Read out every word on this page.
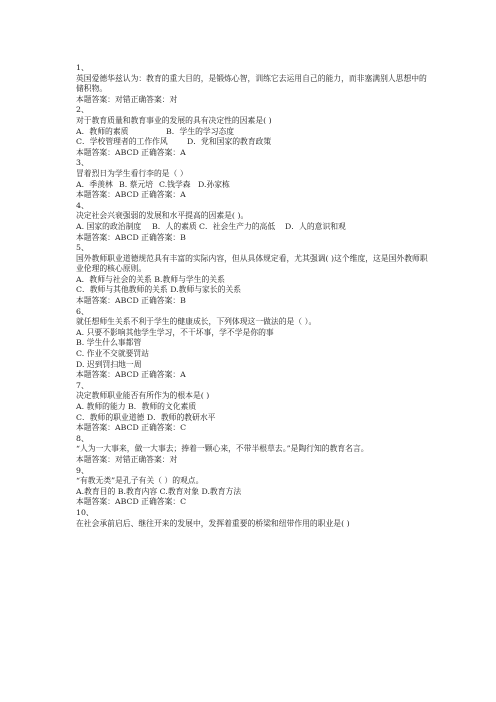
1、
英国爱德华兹认为：教育的重大目的，是锻炼心智，训练它去运用自己的能力，而非塞满别人思想中的储积物。
本题答案：对错正确答案：对
2、
对于教育质量和教育事业的发展的具有决定性的因素是( )
A．教师的素质	B．学生的学习态度
C．学校管理者的工作作风	D．党和国家的教育政策
本题答案：ABCD 正确答案：A
3、
冒着烈日为学生看行李的是（ ）
A．季羡林 B. 蔡元培 C.钱学森 D.孙家栋
本题答案：ABCD 正确答案：A
4、
决定社会兴衰强弱的发展和水平提高的因素是( )。
A. 国家的政治制度	B．人的素质 C．社会生产力的高低	D．人的意识和观
本题答案：ABCD 正确答案：B
5、
国外教师职业道德规范具有丰富的实际内容，但从具体规定看，尤其强调( )这个维度，这是国外教师职业伦理的核心原则。
A．教师与社会的关系 B.教师与学生的关系
C．教师与其他教师的关系 D.教师与家长的关系
本题答案：ABCD 正确答案：B
6、
就任想师生关系不利于学生的健康成长，下列体现这一做法的是（ ）。
A. 只要不影响其他学生学习，不干坏事，学不学是你的事
B. 学生什么事都管
C. 作业不交就要罚站
D. 迟到罚扫地一周
本题答案：ABCD 正确答案：A
7、
决定教师职业能否有所作为的根本是( )
A. 教师的能力 B．教师的文化素质
C．教师的职业道德 D．教师的教研水平
本题答案：ABCD 正确答案：C
8、
“人为一大事来，做一大事去；捧着一颗心来，不带半根草去。”是陶行知的教育名言。
本题答案：对错正确答案：对
9、
“有教无类”是孔子有关（ ）的观点。
A.教育目的 B.教育内容 C.教育对象 D.教育方法
本题答案：ABCD 正确答案：C
10、
在社会承前启后、继往开来的发展中，发挥着重要的桥梁和纽带作用的职业是( )
